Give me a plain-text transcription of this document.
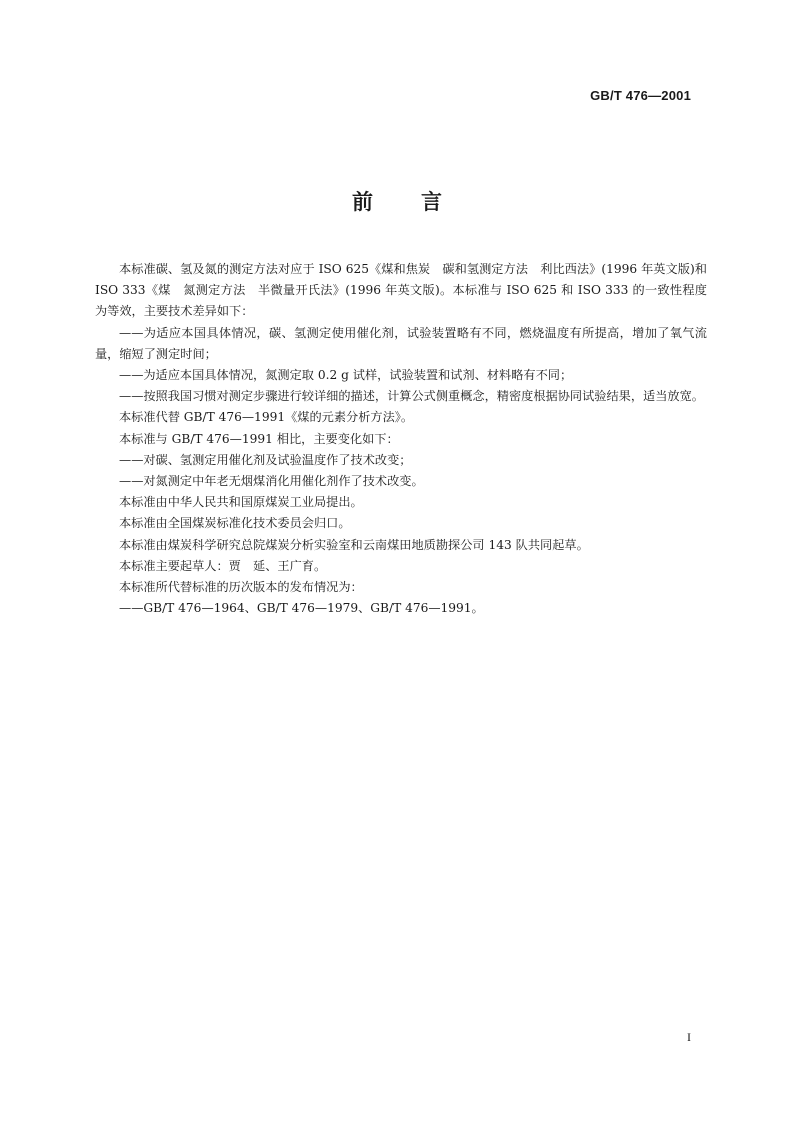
GB/T 476—2001
前言

本标准碳、氢及氮的测定方法对应于 ISO 625《煤和焦炭　碳和氢测定方法　利比西法》(1996 年英文版)和 ISO 333《煤　氮测定方法　半微量开氏法》(1996 年英文版)。本标准与 ISO 625 和 ISO 333 的一致性程度为等效，主要技术差异如下：

——为适应本国具体情况，碳、氢测定使用催化剂，试验装置略有不同，燃烧温度有所提高，增加了氧气流量，缩短了测定时间；

——为适应本国具体情况，氮测定取 0.2 g 试样，试验装置和试剂、材料略有不同；

——按照我国习惯对测定步骤进行较详细的描述，计算公式侧重概念，精密度根据协同试验结果，适当放宽。

本标准代替 GB/T 476—1991《煤的元素分析方法》。

本标准与 GB/T 476—1991 相比，主要变化如下：

——对碳、氢测定用催化剂及试验温度作了技术改变；

——对氮测定中年老无烟煤消化用催化剂作了技术改变。

本标准由中华人民共和国原煤炭工业局提出。

本标准由全国煤炭标准化技术委员会归口。

本标准由煤炭科学研究总院煤炭分析实验室和云南煤田地质勘探公司 143 队共同起草。

本标准主要起草人：贾　延、王广育。

本标准所代替标准的历次版本的发布情况为：

——GB/T 476—1964、GB/T 476—1979、GB/T 476—1991。

I
